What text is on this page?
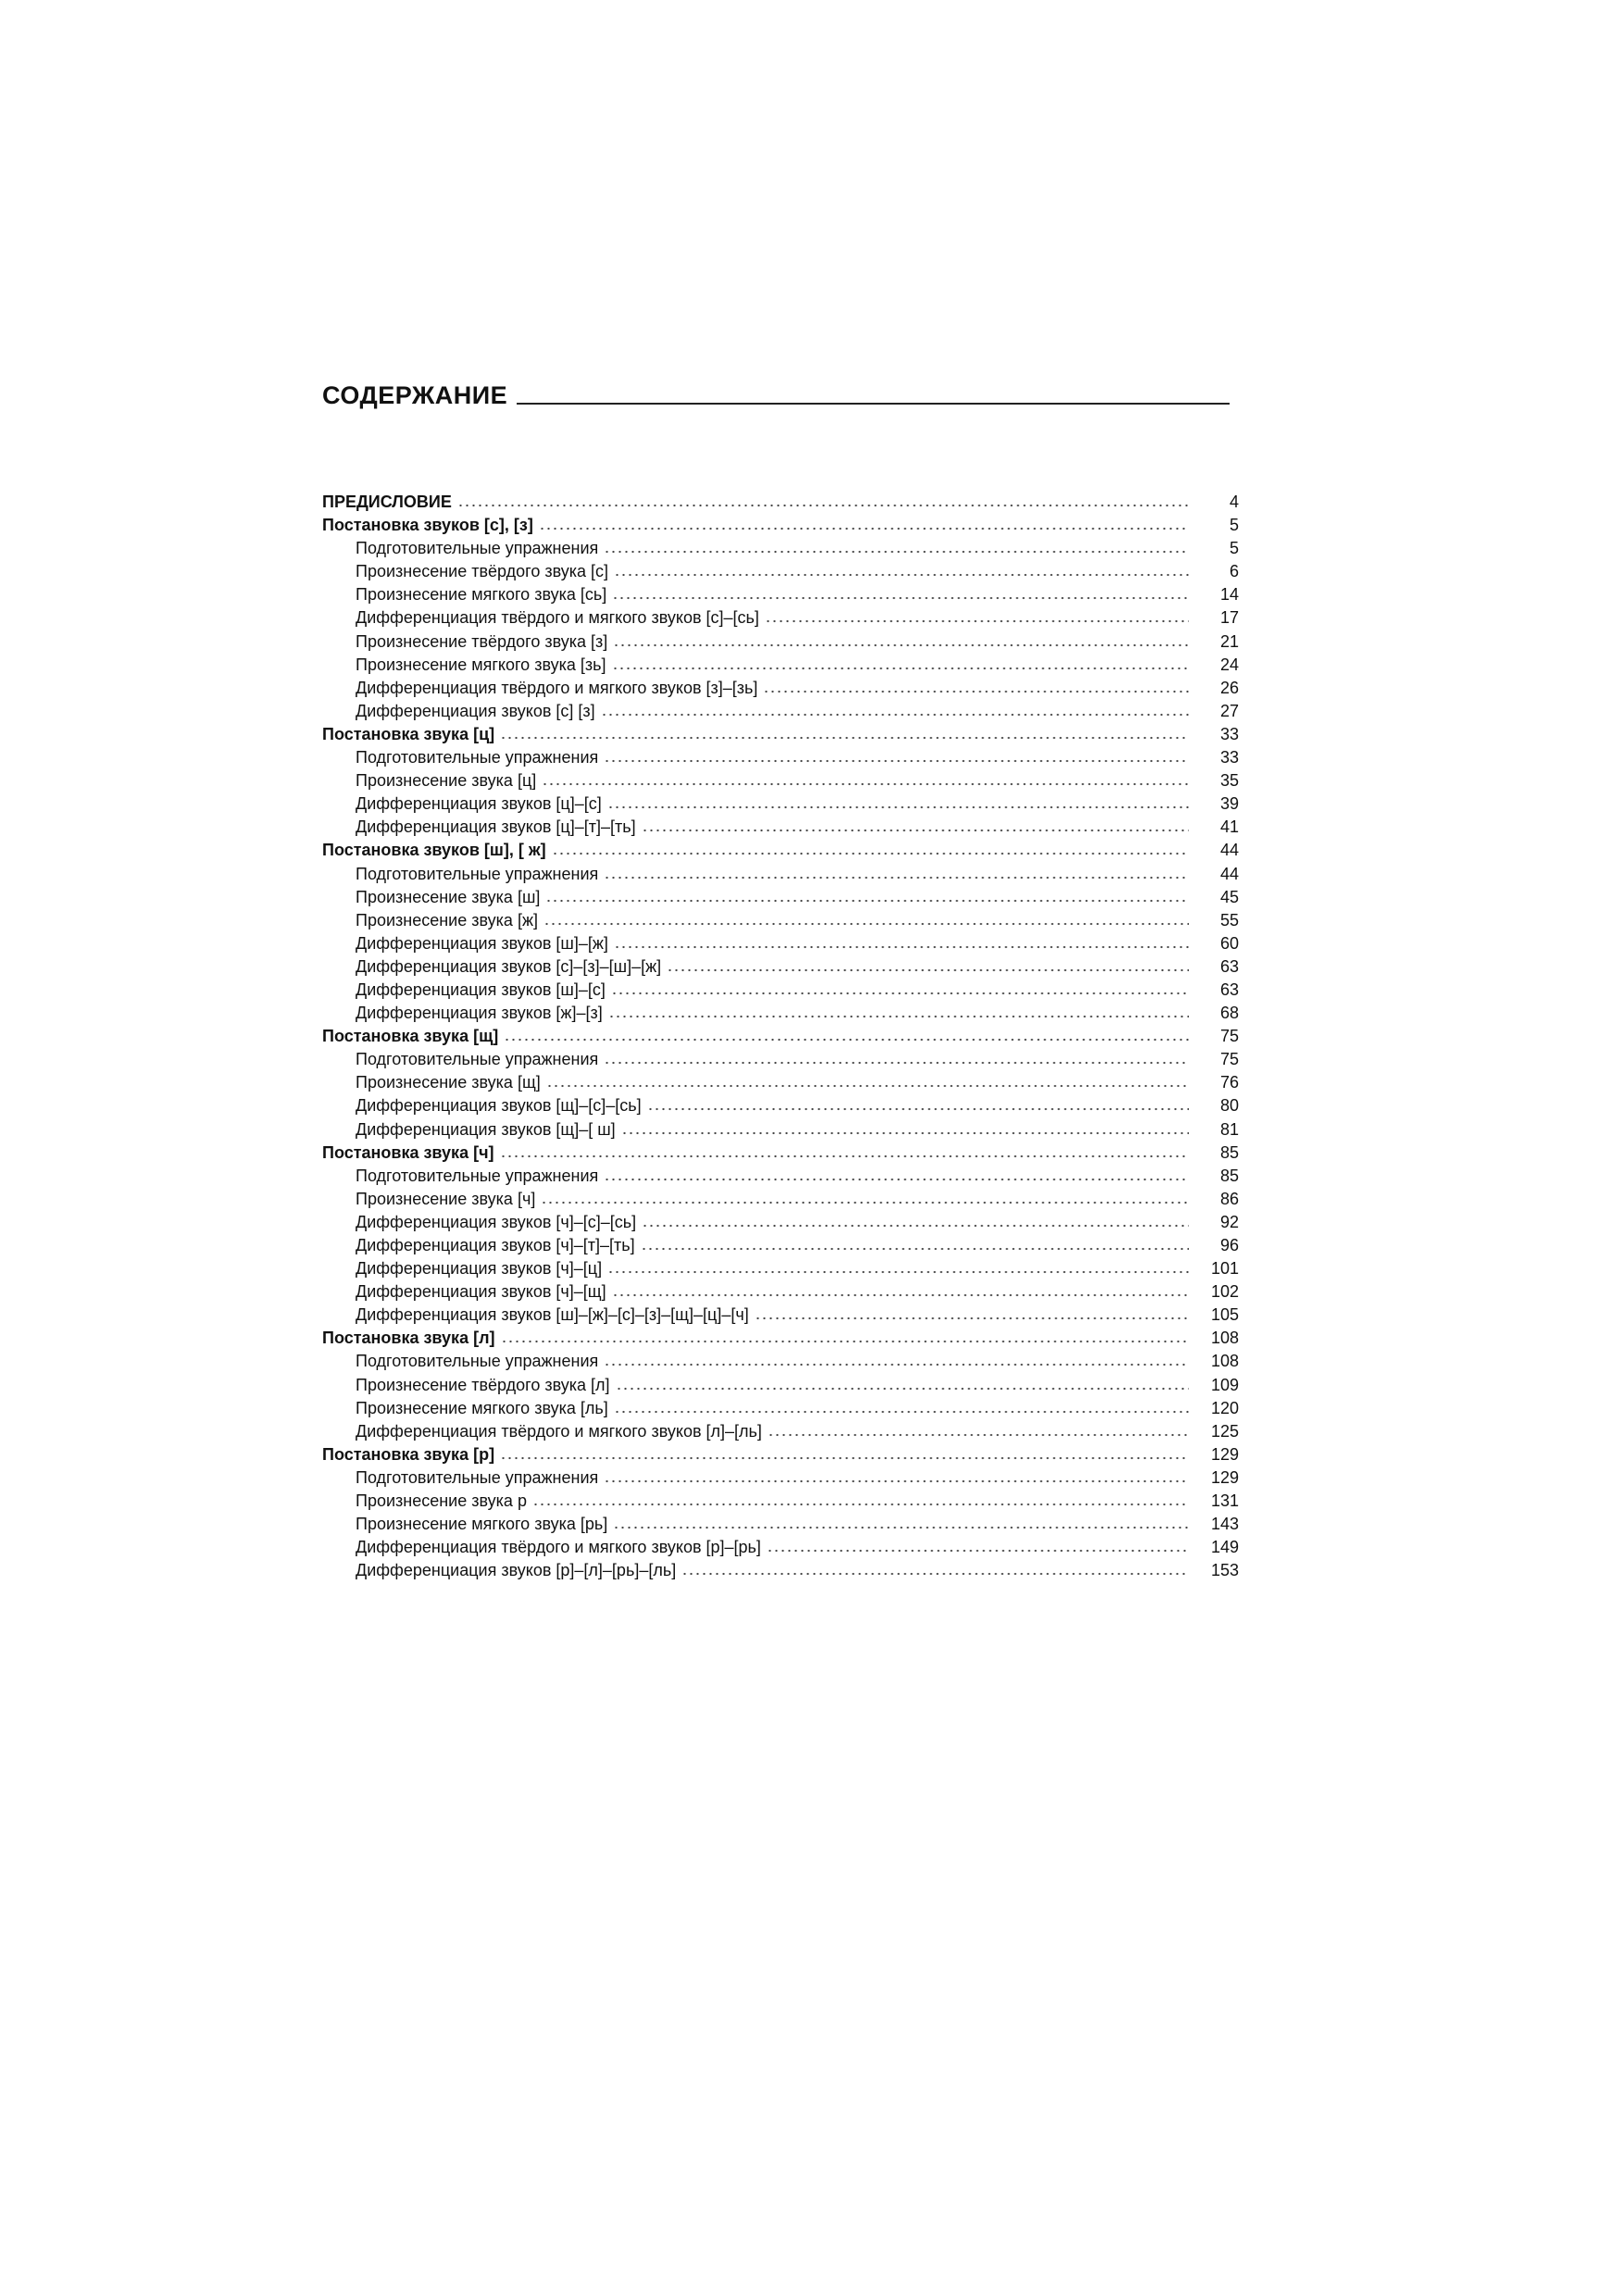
СОДЕРЖАНИЕ
ПРЕДИСЛОВИЕ	4
Постановка звуков [с], [з]	5
Подготовительные упражнения	5
Произнесение твёрдого звука [с]	6
Произнесение мягкого звука [сь]	14
Дифференциация твёрдого и мягкого звуков [с]–[сь]	17
Произнесение твёрдого звука [з]	21
Произнесение мягкого звука [зь]	24
Дифференциация твёрдого и мягкого звуков [з]–[зь]	26
Дифференциация звуков [с] [з]	27
Постановка звука [ц]	33
Подготовительные упражнения	33
Произнесение звука [ц]	35
Дифференциация звуков [ц]–[с]	39
Дифференциация звуков [ц]–[т]–[ть]	41
Постановка звуков [ш], [ ж]	44
Подготовительные упражнения	44
Произнесение звука [ш]	45
Произнесение звука [ж]	55
Дифференциация звуков [ш]–[ж]	60
Дифференциация звуков [с]–[з]–[ш]–[ж]	63
Дифференциация звуков [ш]–[с]	63
Дифференциация звуков [ж]–[з]	68
Постановка звука [щ]	75
Подготовительные упражнения	75
Произнесение звука [щ]	76
Дифференциация звуков [щ]–[с]–[сь]	80
Дифференциация звуков [щ]–[ ш]	81
Постановка звука [ч]	85
Подготовительные упражнения	85
Произнесение звука [ч]	86
Дифференциация звуков [ч]–[с]–[сь]	92
Дифференциация звуков [ч]–[т]–[ть]	96
Дифференциация звуков [ч]–[ц]	101
Дифференциация звуков [ч]–[щ]	102
Дифференциация звуков [ш]–[ж]–[с]–[з]–[щ]–[ц]–[ч]	105
Постановка звука [л]	108
Подготовительные упражнения	108
Произнесение твёрдого звука [л]	109
Произнесение мягкого звука [ль]	120
Дифференциация твёрдого и мягкого звуков [л]–[ль]	125
Постановка звука [р]	129
Подготовительные упражнения	129
Произнесение звука р	131
Произнесение мягкого звука [рь]	143
Дифференциация твёрдого и мягкого звуков [р]–[рь]	149
Дифференциация звуков [р]–[л]–[рь]–[ль]	153
